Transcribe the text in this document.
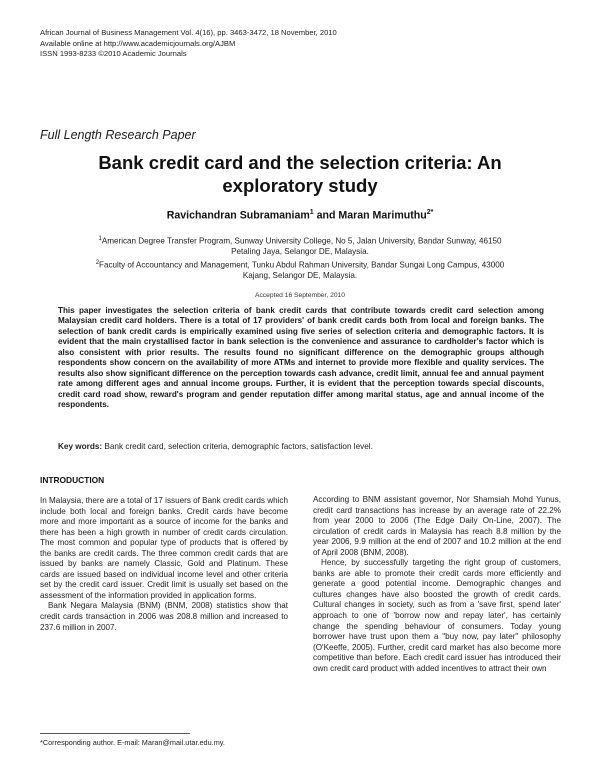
African Journal of Business Management Vol. 4(16), pp. 3463-3472, 18 November, 2010
Available online at http://www.academicjournals.org/AJBM
ISSN 1993-8233 ©2010 Academic Journals
Full Length Research Paper
Bank credit card and the selection criteria: An
exploratory study
Ravichandran Subramaniam$^1$ and Maran Marimuthu$^{2*}$
$^1$American Degree Transfer Program, Sunway University College, No 5, Jalan University, Bandar Sunway, 46150
Petaling Jaya, Selangor DE, Malaysia.
$^2$Faculty of Accountancy and Management, Tunku Abdul Rahman University, Bandar Sungai Long Campus, 43000
Kajang, Selangor DE, Malaysia.
Accepted 16 September, 2010
This paper investigates the selection criteria of bank credit cards that contribute towards credit card selection among Malaysian credit card holders. There is a total of 17 providers' of bank credit cards both from local and foreign banks. The selection of bank credit cards is empirically examined using five series of selection criteria and demographic factors. It is evident that the main crystallised factor in bank selection is the convenience and assurance to cardholder's factor which is also consistent with prior results. The results found no significant difference on the demographic groups although respondents show concern on the availability of more ATMs and internet to provide more flexible and quality services. The results also show significant difference on the perception towards cash advance, credit limit, annual fee and annual payment rate among different ages and annual income groups. Further, it is evident that the perception towards special discounts, credit card road show, reward's program and gender reputation differ among marital status, age and annual income of the respondents.
Key words: Bank credit card, selection criteria, demographic factors, satisfaction level.
INTRODUCTION

In Malaysia, there are a total of 17 issuers of Bank credit cards which include both local and foreign banks. Credit cards have become more and more important as a source of income for the banks and there has been a high growth in number of credit cards circulation. The most common and popular type of products that is offered by the banks are credit cards. The three common credit cards that are issued by banks are namely Classic, Gold and Platinum. These cards are issued based on individual income level and other criteria set by the credit card issuer. Credit limit is usually set based on the assessment of the information provided in application forms.

Bank Negara Malaysia (BNM) (BNM, 2008) statistics show that credit cards transaction in 2006 was 208.8 million and increased to 237.6 million in 2007.

According to BNM assistant governor, Nor Shamsiah Mohd Yunus, credit card transactions has increase by an average rate of 22.2% from year 2000 to 2006 (The Edge Daily On-Line, 2007). The circulation of credit cards in Malaysia has reach 8.8 million by the year 2006, 9.9 million at the end of 2007 and 10.2 million at the end of April 2008 (BNM, 2008).

Hence, by successfully targeting the right group of customers, banks are able to promote their credit cards more efficiently and generate a good potential income. Demographic changes and cultures changes have also boosted the growth of credit cards. Cultural changes in society, such as from a 'save first, spend later' approach to one of 'borrow now and repay later', has certainly change the spending behaviour of consumers. Today young borrower have trust upon them a "buy now, pay later" philosophy (O'Keeffe, 2005). Further, credit card market has also become more competitive than before. Each credit card issuer has introduced their own credit card product with added incentives to attract their own

*Corresponding author. E-mail: Maran@mail.utar.edu.my.
